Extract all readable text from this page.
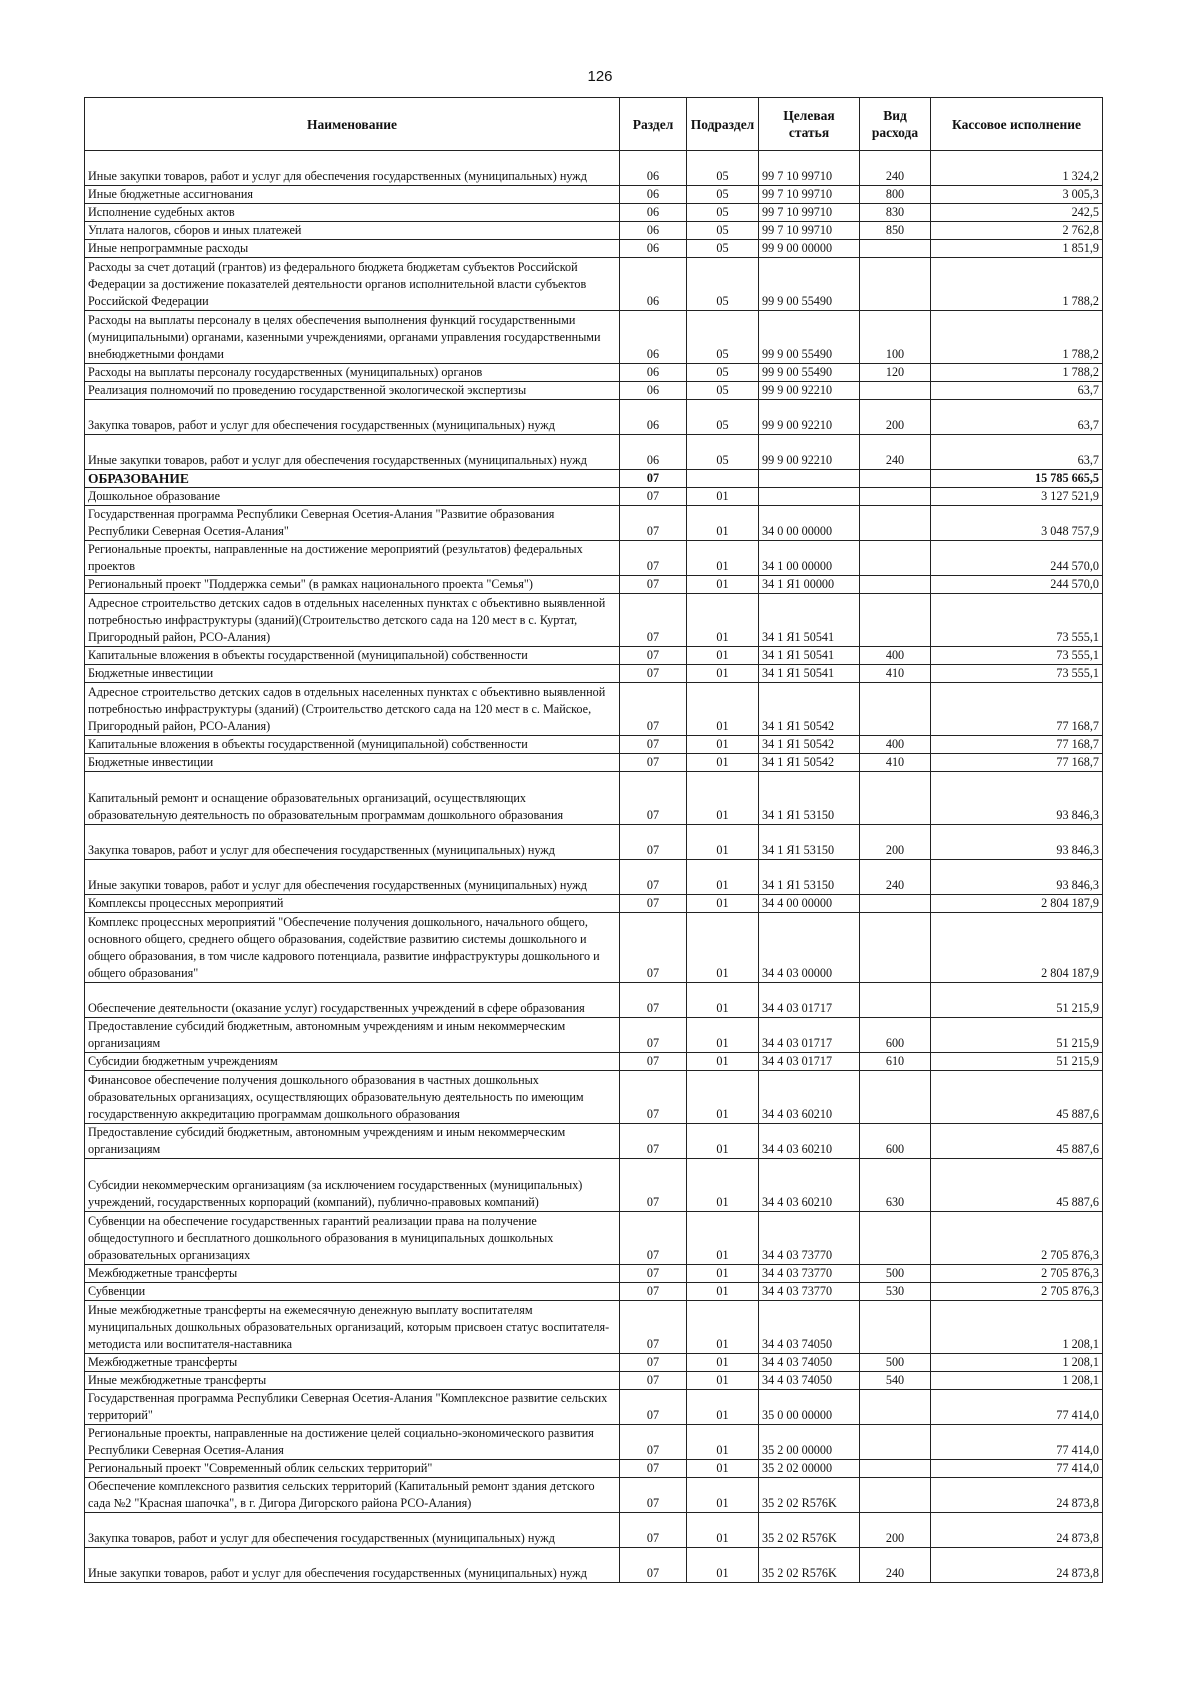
126
Наименование	Раздел	Подраздел	Целевая статья	Вид расхода	Кассовое исполнение
Иные закупки товаров, работ и услуг для обеспечения государственных (муниципальных) нужд	06	05	99 7 10 99710	240	1 324,2
Иные бюджетные ассигнования	06	05	99 7 10 99710	800	3 005,3
Исполнение судебных актов	06	05	99 7 10 99710	830	242,5
Уплата налогов, сборов и иных платежей	06	05	99 7 10 99710	850	2 762,8
Иные непрограммные расходы	06	05	99 9 00 00000		1 851,9
Расходы за счет дотаций (грантов) из федерального бюджета бюджетам субъектов Российской Федерации за достижение показателей деятельности органов исполнительной власти субъектов Российской Федерации	06	05	99 9 00 55490		1 788,2
Расходы на выплаты персоналу в целях обеспечения выполнения функций государственными (муниципальными) органами, казенными учреждениями, органами управления государственными внебюджетными фондами	06	05	99 9 00 55490	100	1 788,2
Расходы на выплаты персоналу государственных (муниципальных) органов	06	05	99 9 00 55490	120	1 788,2
Реализация полномочий по проведению государственной экологической экспертизы	06	05	99 9 00 92210		63,7
Закупка товаров, работ и услуг для обеспечения государственных (муниципальных) нужд	06	05	99 9 00 92210	200	63,7
Иные закупки товаров, работ и услуг для обеспечения государственных (муниципальных) нужд	06	05	99 9 00 92210	240	63,7
ОБРАЗОВАНИЕ	07				15 785 665,5
Дошкольное образование	07	01			3 127 521,9
Государственная программа Республики Северная Осетия-Алания "Развитие образования Республики Северная Осетия-Алания"	07	01	34 0 00 00000		3 048 757,9
Региональные проекты, направленные на достижение мероприятий (результатов) федеральных проектов	07	01	34 1 00 00000		244 570,0
Региональный проект "Поддержка семьи" (в рамках национального проекта "Семья")	07	01	34 1 Я1 00000		244 570,0
Адресное строительство детских садов в отдельных населенных пунктах с объективно выявленной потребностью инфраструктуры (зданий)(Строительство детского сада на 120 мест в с. Куртат, Пригородный район, РСО-Алания)	07	01	34 1 Я1 50541		73 555,1
Капитальные вложения в объекты государственной (муниципальной) собственности	07	01	34 1 Я1 50541	400	73 555,1
Бюджетные инвестиции	07	01	34 1 Я1 50541	410	73 555,1
Адресное строительство детских садов в отдельных населенных пунктах с объективно выявленной потребностью инфраструктуры (зданий) (Строительство детского сада на 120 мест в с. Майское, Пригородный район, РСО-Алания)	07	01	34 1 Я1 50542		77 168,7
Капитальные вложения в объекты государственной (муниципальной) собственности	07	01	34 1 Я1 50542	400	77 168,7
Бюджетные инвестиции	07	01	34 1 Я1 50542	410	77 168,7
Капитальный ремонт и оснащение образовательных организаций, осуществляющих образовательную деятельность по образовательным программам дошкольного образования	07	01	34 1 Я1 53150		93 846,3
Закупка товаров, работ и услуг для обеспечения государственных (муниципальных) нужд	07	01	34 1 Я1 53150	200	93 846,3
Иные закупки товаров, работ и услуг для обеспечения государственных (муниципальных) нужд	07	01	34 1 Я1 53150	240	93 846,3
Комплексы процессных мероприятий	07	01	34 4 00 00000		2 804 187,9
Комплекс процессных мероприятий "Обеспечение получения дошкольного, начального общего, основного общего, среднего общего образования, содействие развитию системы дошкольного и общего образования, в том числе кадрового потенциала, развитие инфраструктуры дошкольного и общего образования"	07	01	34 4 03 00000		2 804 187,9
Обеспечение деятельности (оказание услуг) государственных учреждений в сфере образования	07	01	34 4 03 01717		51 215,9
Предоставление субсидий бюджетным, автономным учреждениям и иным некоммерческим организациям	07	01	34 4 03 01717	600	51 215,9
Субсидии бюджетным учреждениям	07	01	34 4 03 01717	610	51 215,9
Финансовое обеспечение получения дошкольного образования в частных дошкольных образовательных организациях, осуществляющих образовательную деятельность по имеющим государственную аккредитацию программам дошкольного образования	07	01	34 4 03 60210		45 887,6
Предоставление субсидий бюджетным, автономным учреждениям и иным некоммерческим организациям	07	01	34 4 03 60210	600	45 887,6
Субсидии некоммерческим организациям (за исключением государственных (муниципальных) учреждений, государственных корпораций (компаний), публично-правовых компаний)	07	01	34 4 03 60210	630	45 887,6
Субвенции на обеспечение государственных гарантий реализации права на получение общедоступного и бесплатного дошкольного образования в муниципальных дошкольных образовательных организациях	07	01	34 4 03 73770		2 705 876,3
Межбюджетные трансферты	07	01	34 4 03 73770	500	2 705 876,3
Субвенции	07	01	34 4 03 73770	530	2 705 876,3
Иные межбюджетные трансферты на ежемесячную денежную выплату воспитателям муниципальных дошкольных образовательных организаций, которым присвоен статус воспитателя-методиста или воспитателя-наставника	07	01	34 4 03 74050		1 208,1
Межбюджетные трансферты	07	01	34 4 03 74050	500	1 208,1
Иные межбюджетные трансферты	07	01	34 4 03 74050	540	1 208,1
Государственная программа Республики Северная Осетия-Алания "Комплексное развитие сельских территорий"	07	01	35 0 00 00000		77 414,0
Региональные проекты, направленные на достижение целей социально-экономического развития Республики Северная Осетия-Алания	07	01	35 2 00 00000		77 414,0
Региональный проект "Современный облик сельских территорий"	07	01	35 2 02 00000		77 414,0
Обеспечение комплексного развития сельских территорий (Капитальный ремонт здания детского сада №2 "Красная шапочка", в г. Дигора Дигорского района РСО-Алания)	07	01	35 2 02 R576K		24 873,8
Закупка товаров, работ и услуг для обеспечения государственных (муниципальных) нужд	07	01	35 2 02 R576K	200	24 873,8
Иные закупки товаров, работ и услуг для обеспечения государственных (муниципальных) нужд	07	01	35 2 02 R576K	240	24 873,8
